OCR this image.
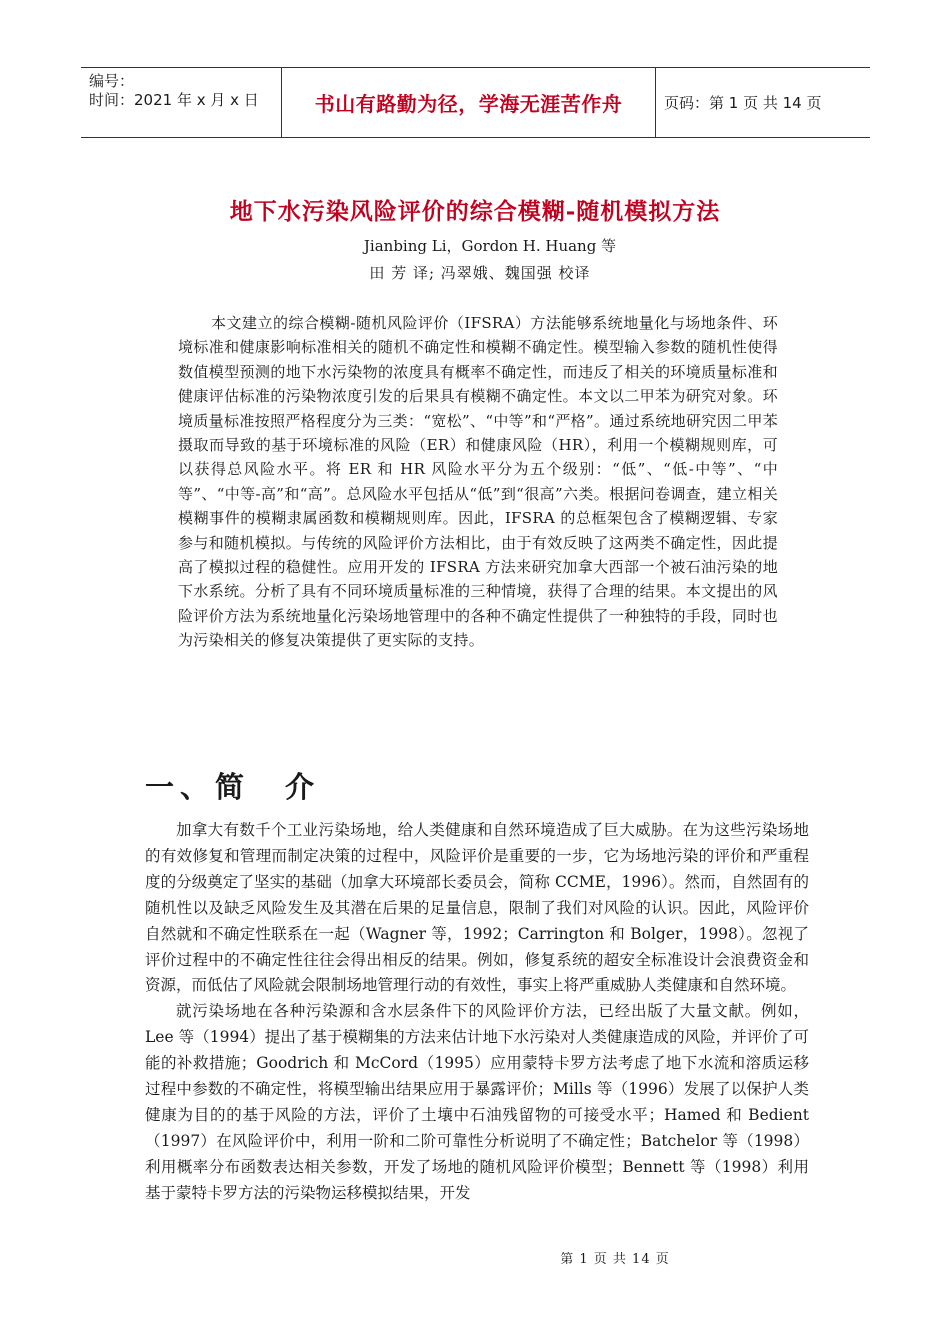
编号：
时间：2021 年 x 月 x 日	书山有路勤为径，学海无涯苦作舟	页码：第 1 页 共 14 页
地下水污染风险评价的综合模糊-随机模拟方法
Jianbing Li，Gordon H. Huang 等
田 芳 译; 冯翠娥、魏国强 校译
本文建立的综合模糊-随机风险评价（IFSRA）方法能够系统地量化与场地条件、环境标准和健康影响标准相关的随机不确定性和模糊不确定性。模型输入参数的随机性使得数值模型预测的地下水污染物的浓度具有概率不确定性，而违反了相关的环境质量标准和健康评估标准的污染物浓度引发的后果具有模糊不确定性。本文以二甲苯为研究对象。环境质量标准按照严格程度分为三类：“宽松”、“中等”和“严格”。通过系统地研究因二甲苯摄取而导致的基于环境标准的风险（ER）和健康风险（HR），利用一个模糊规则库，可以获得总风险水平。将 ER 和 HR 风险水平分为五个级别：“低”、“低-中等”、“中等”、“中等-高”和“高”。总风险水平包括从“低”到“很高”六类。根据问卷调查，建立相关模糊事件的模糊隶属函数和模糊规则库。因此，IFSRA 的总框架包含了模糊逻辑、专家参与和随机模拟。与传统的风险评价方法相比，由于有效反映了这两类不确定性，因此提高了模拟过程的稳健性。应用开发的 IFSRA 方法来研究加拿大西部一个被石油污染的地下水系统。分析了具有不同环境质量标准的三种情境，获得了合理的结果。本文提出的风险评价方法为系统地量化污染场地管理中的各种不确定性提供了一种独特的手段，同时也为污染相关的修复决策提供了更实际的支持。
一、简　介

加拿大有数千个工业污染场地，给人类健康和自然环境造成了巨大威胁。在为这些污染场地的有效修复和管理而制定决策的过程中，风险评价是重要的一步，它为场地污染的评价和严重程度的分级奠定了坚实的基础（加拿大环境部长委员会，简称 CCME，1996）。然而，自然固有的随机性以及缺乏风险发生及其潜在后果的足量信息，限制了我们对风险的认识。因此，风险评价自然就和不确定性联系在一起（Wagner 等，1992；Carrington 和 Bolger，1998）。忽视了评价过程中的不确定性往往会得出相反的结果。例如，修复系统的超安全标准设计会浪费资金和资源，而低估了风险就会限制场地管理行动的有效性，事实上将严重威胁人类健康和自然环境。

就污染场地在各种污染源和含水层条件下的风险评价方法，已经出版了大量文献。例如，Lee 等（1994）提出了基于模糊集的方法来估计地下水污染对人类健康造成的风险，并评价了可能的补救措施；Goodrich 和 McCord（1995）应用蒙特卡罗方法考虑了地下水流和溶质运移过程中参数的不确定性，将模型输出结果应用于暴露评价；Mills 等（1996）发展了以保护人类健康为目的的基于风险的方法，评价了土壤中石油残留物的可接受水平；Hamed 和 Bedient（1997）在风险评价中，利用一阶和二阶可靠性分析说明了不确定性；Batchelor 等（1998）利用概率分布函数表达相关参数，开发了场地的随机风险评价模型；Bennett 等（1998）利用基于蒙特卡罗方法的污染物运移模拟结果，开发

第 1 页 共 14 页
